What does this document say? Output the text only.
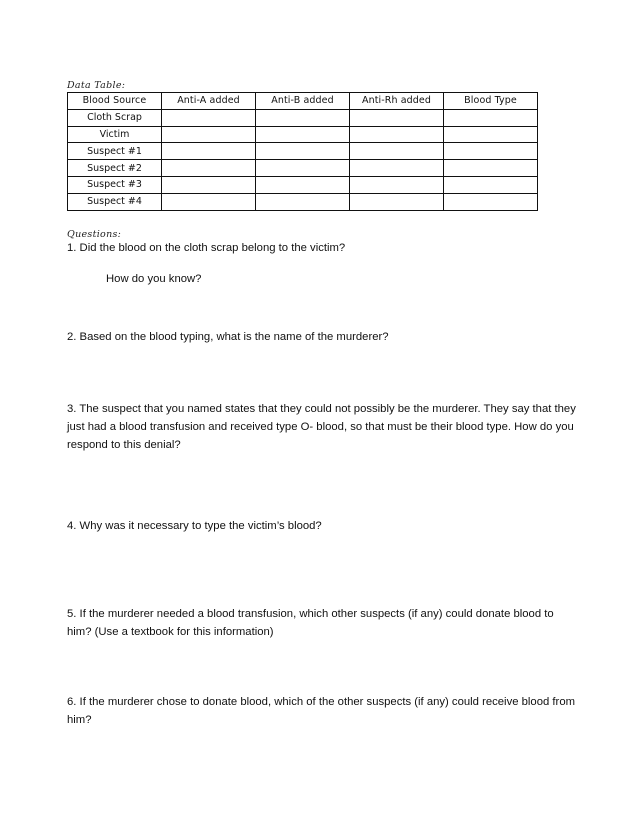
Data Table:
Blood Source	Anti-A added	Anti-B added	Anti-Rh added	Blood Type
Cloth Scrap				
Victim				
Suspect #1				
Suspect #2				
Suspect #3				
Suspect #4				
Questions:
1. Did the blood on the cloth scrap belong to the victim?
How do you know?
2. Based on the blood typing, what is the name of the murderer?
3. The suspect that you named states that they could not possibly be the murderer. They say that they just had a blood transfusion and received type O- blood, so that must be their blood type. How do you respond to this denial?
4. Why was it necessary to type the victim’s blood?
5. If the murderer needed a blood transfusion, which other suspects (if any) could donate blood to him? (Use a textbook for this information)
6. If the murderer chose to donate blood, which of the other suspects (if any) could receive blood from him?
